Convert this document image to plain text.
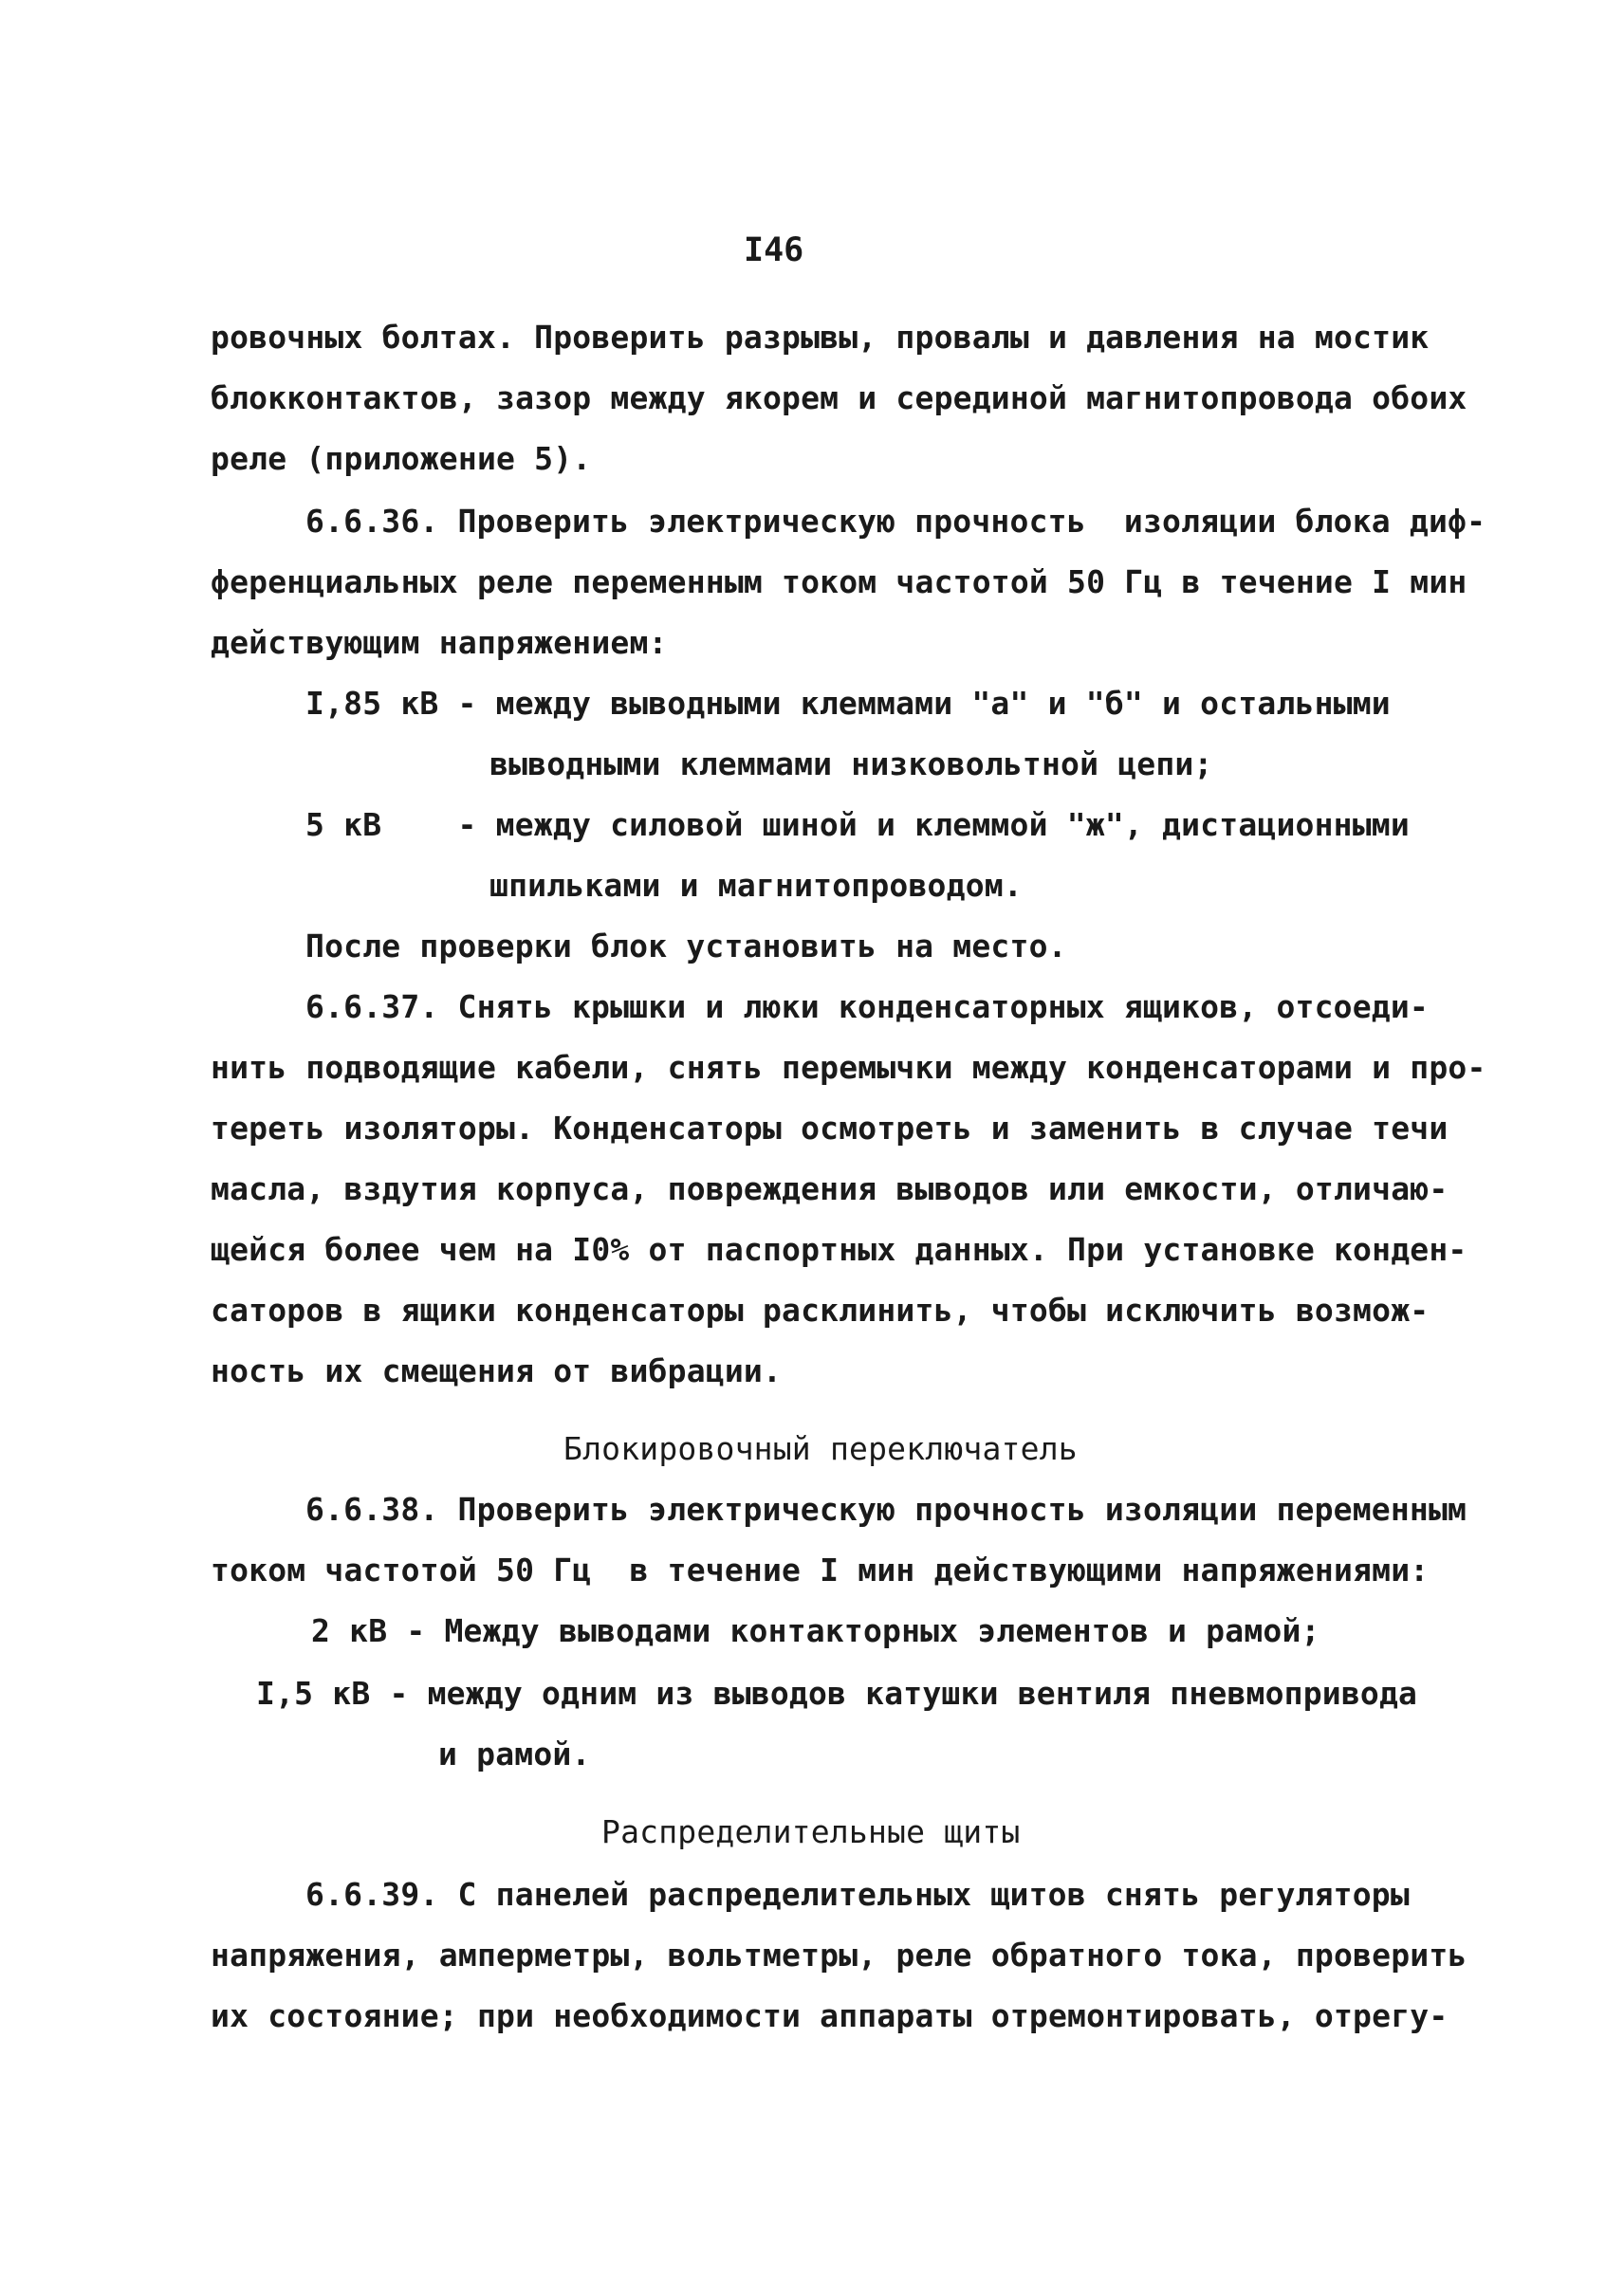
I46
ровочных болтах. Проверить разрывы, провалы и давления на мостик
блокконтактов, зазор между якорем и серединой магнитопровода обоих
реле (приложение 5).
6.6.36. Проверить электрическую прочность  изоляции блока диф-
ференциальных реле переменным током частотой 50 Гц в течение I мин
действующим напряжением:
I,85 кВ - между выводными клеммами "а" и "б" и остальными
выводными клеммами низковольтной цепи;
5 кВ    - между силовой шиной и клеммой "ж", дистационными
шпильками и магнитопроводом.
После проверки блок установить на место.
6.6.37. Снять крышки и люки конденсаторных ящиков, отсоеди-
нить подводящие кабели, снять перемычки между конденсаторами и про-
тереть изоляторы. Конденсаторы осмотреть и заменить в случае течи
масла, вздутия корпуса, повреждения выводов или емкости, отличаю-
щейся более чем на I0% от паспортных данных. При установке конден-
саторов в ящики конденсаторы расклинить, чтобы исключить возмож-
ность их смещения от вибрации.
Блокировочный переключатель
6.6.38. Проверить электрическую прочность изоляции переменным
током частотой 50 Гц  в течение I мин действующими напряжениями:
2 кВ - Между выводами контакторных элементов и рамой;
I,5 кВ - между одним из выводов катушки вентиля пневмопривода
и рамой.
Распределительные щиты
6.6.39. С панелей распределительных щитов снять регуляторы
напряжения, амперметры, вольтметры, реле обратного тока, проверить
их состояние; при необходимости аппараты отремонтировать, отрегу-
